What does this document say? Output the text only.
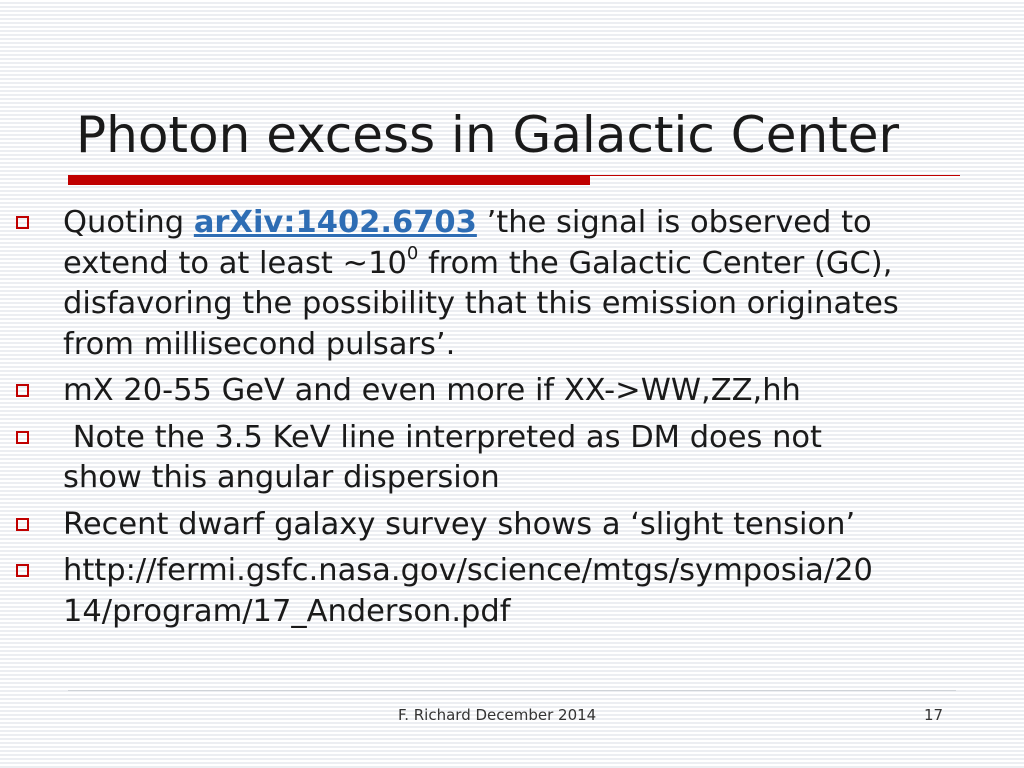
Photon excess in Galactic Center
Quoting arXiv:1402.6703 ’the signal is observed to
extend to at least $\sim 10^0$ from the Galactic Center (GC),
disfavoring the possibility that this emission originates
from millisecond pulsars’.
mX 20-55 GeV and even more if XX->WW,ZZ,hh
Note the 3.5 KeV line interpreted as DM does not
show this angular dispersion
Recent dwarf galaxy survey shows a ‘slight tension’
http://fermi.gsfc.nasa.gov/science/mtgs/symposia/20
14/program/17_Anderson.pdf
F. Richard December 2014	17
